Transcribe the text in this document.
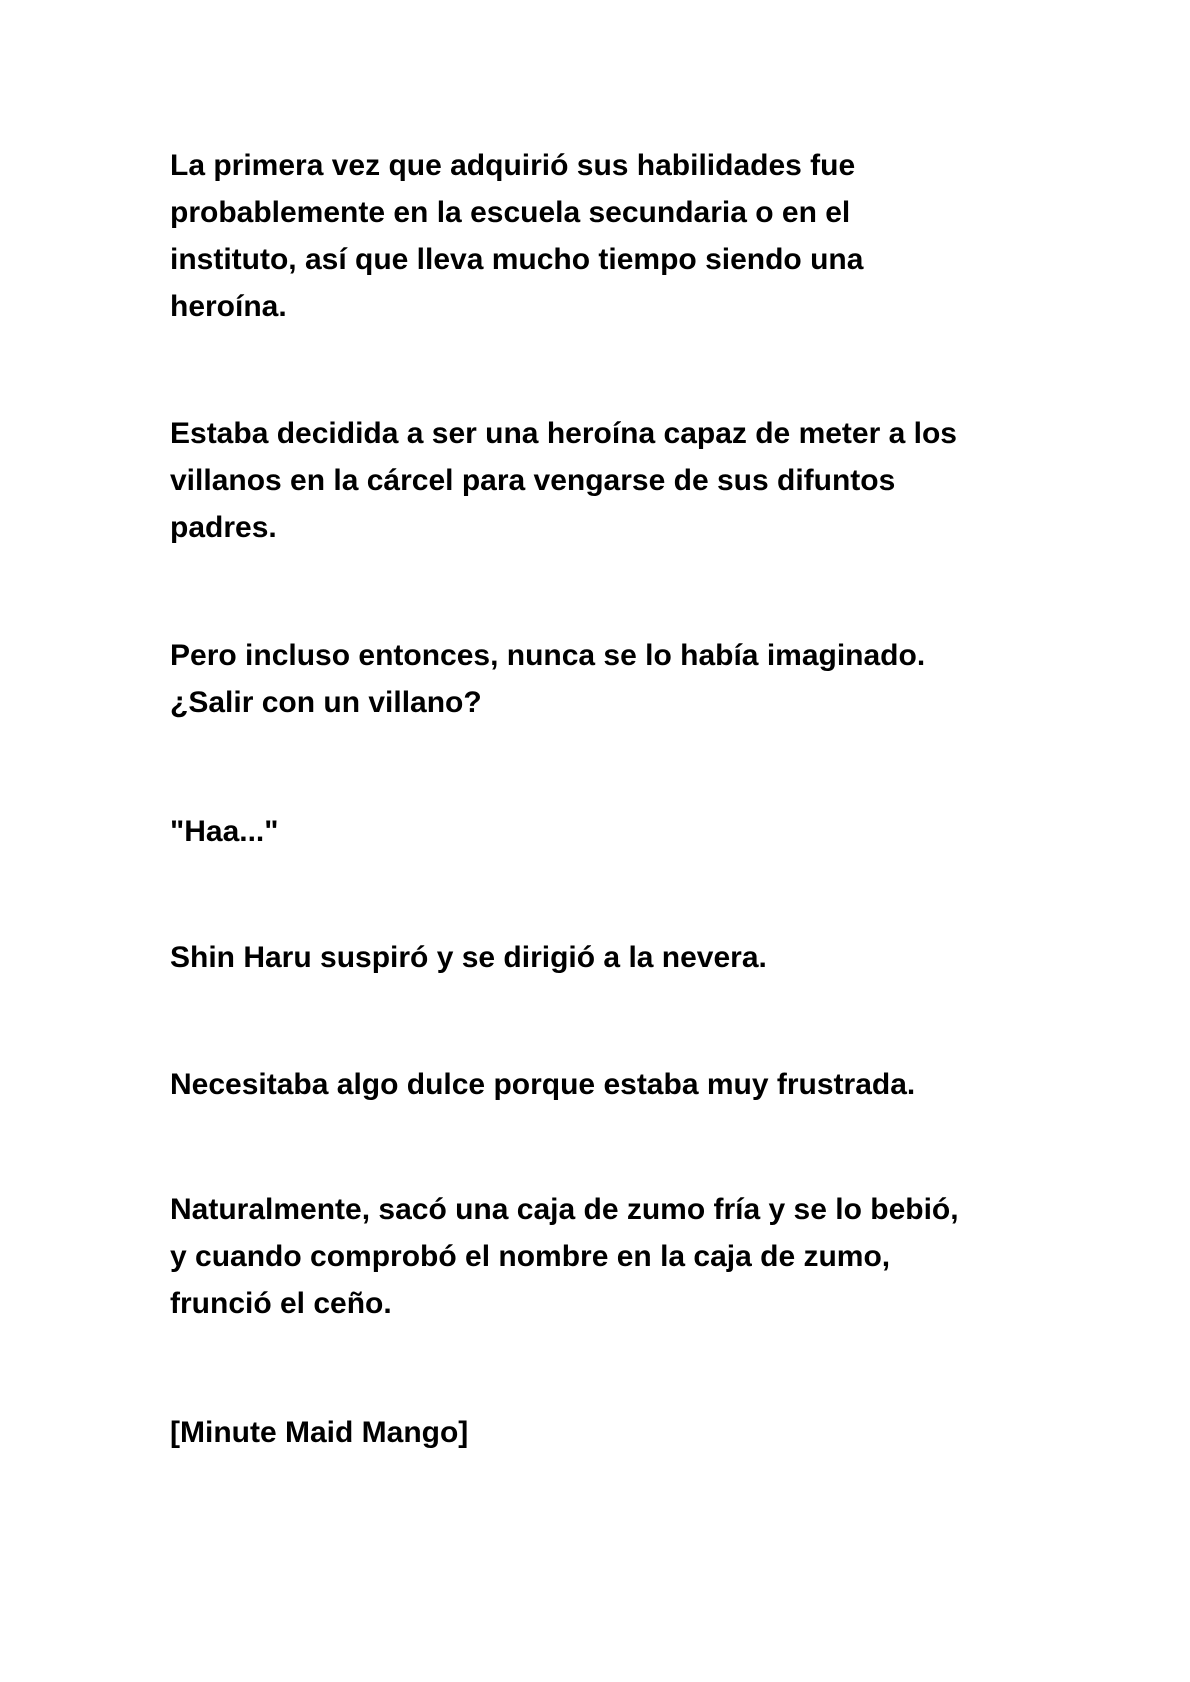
La primera vez que adquirió sus habilidades fue
probablemente en la escuela secundaria o en el
instituto, así que lleva mucho tiempo siendo una
heroína.

Estaba decidida a ser una heroína capaz de meter a los
villanos en la cárcel para vengarse de sus difuntos
padres.

Pero incluso entonces, nunca se lo había imaginado.
¿Salir con un villano?

"Haa..."

Shin Haru suspiró y se dirigió a la nevera.

Necesitaba algo dulce porque estaba muy frustrada.

Naturalmente, sacó una caja de zumo fría y se lo bebió,
y cuando comprobó el nombre en la caja de zumo,
frunció el ceño.

[Minute Maid Mango]
